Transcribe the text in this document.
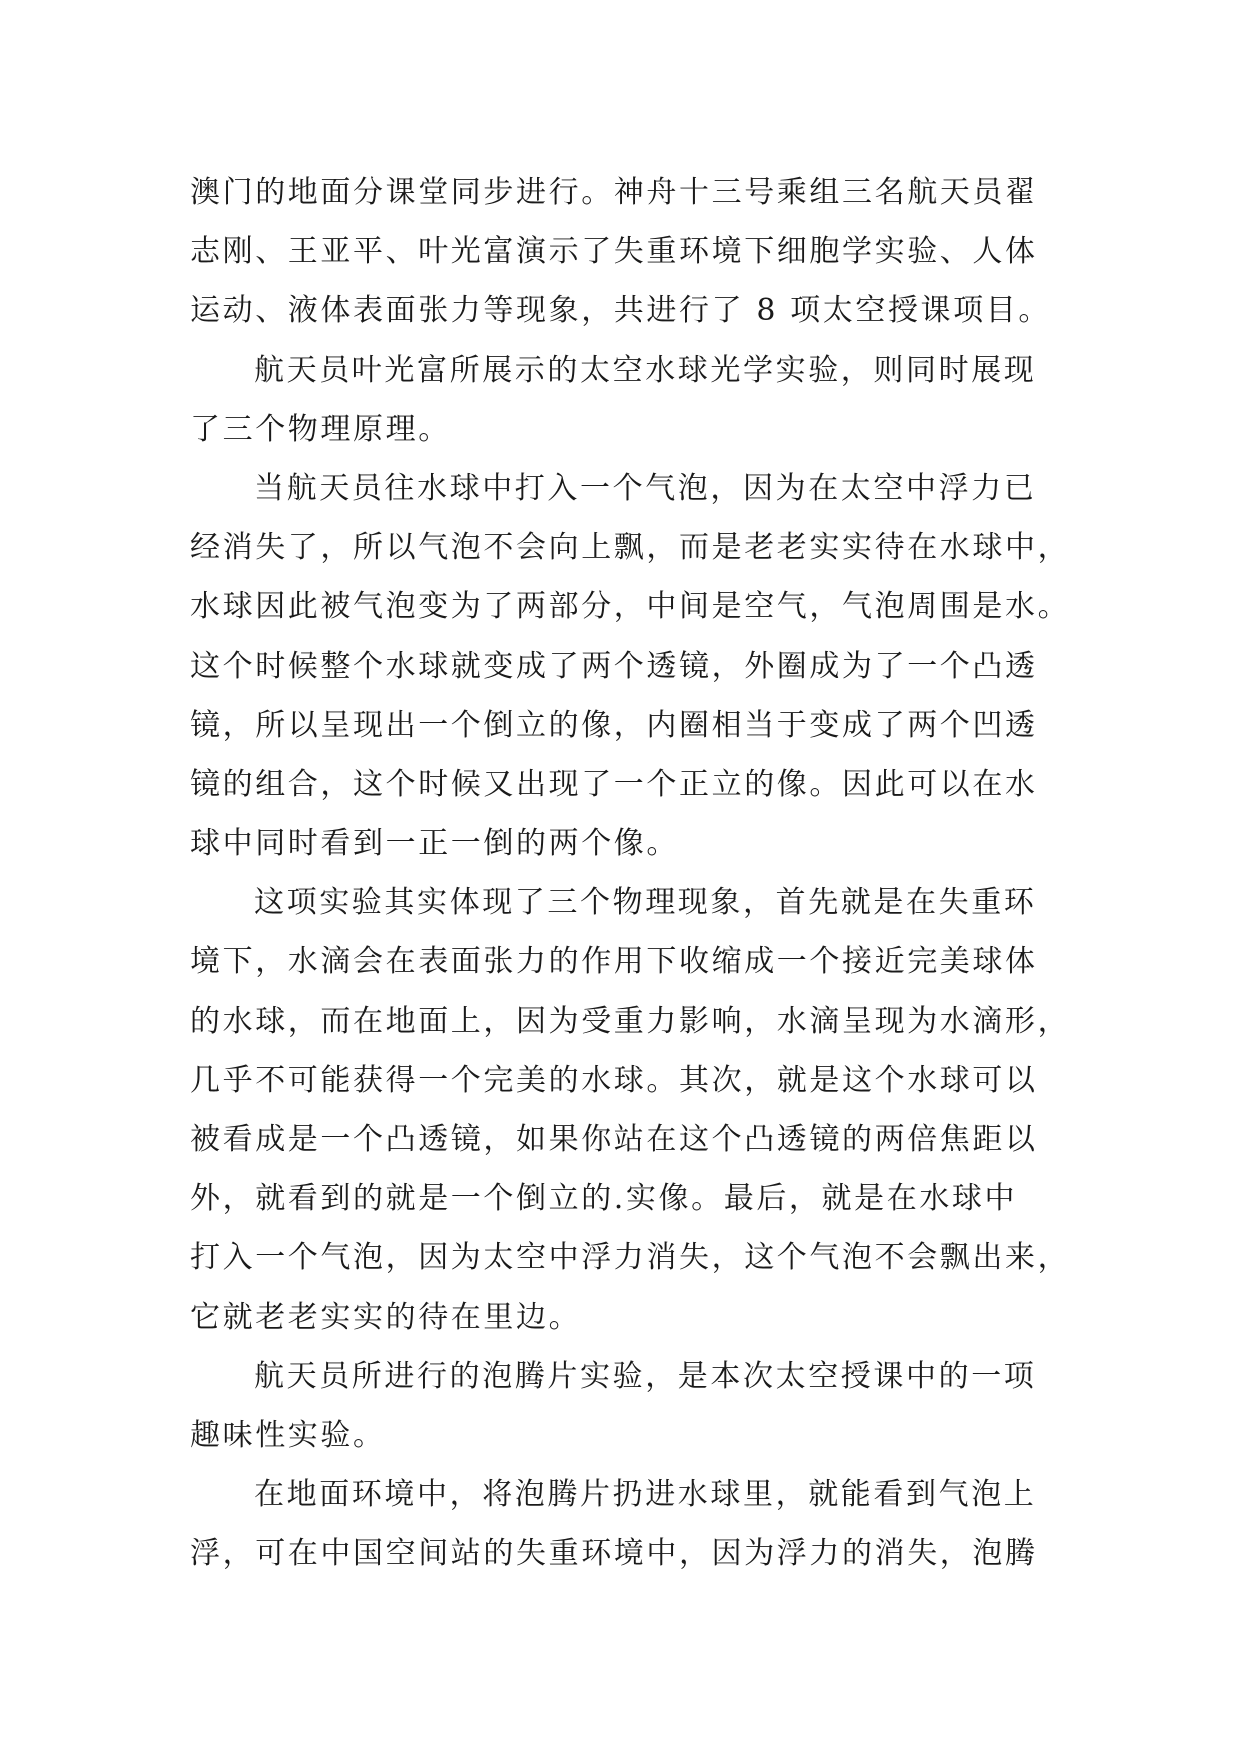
澳门的地面分课堂同步进行。神舟十三号乘组三名航天员翟
志刚、王亚平、叶光富演示了失重环境下细胞学实验、人体
运动、液体表面张力等现象，共进行了 8 项太空授课项目。
航天员叶光富所展示的太空水球光学实验，则同时展现
了三个物理原理。
当航天员往水球中打入一个气泡，因为在太空中浮力已
经消失了，所以气泡不会向上飘，而是老老实实待在水球中，
水球因此被气泡变为了两部分，中间是空气，气泡周围是水。
这个时候整个水球就变成了两个透镜，外圈成为了一个凸透
镜，所以呈现出一个倒立的像，内圈相当于变成了两个凹透
镜的组合，这个时候又出现了一个正立的像。因此可以在水
球中同时看到一正一倒的两个像。
这项实验其实体现了三个物理现象，首先就是在失重环
境下，水滴会在表面张力的作用下收缩成一个接近完美球体
的水球，而在地面上，因为受重力影响，水滴呈现为水滴形，
几乎不可能获得一个完美的水球。其次，就是这个水球可以
被看成是一个凸透镜，如果你站在这个凸透镜的两倍焦距以
外，就看到的就是一个倒立的.实像。最后，就是在水球中
打入一个气泡，因为太空中浮力消失，这个气泡不会飘出来，
它就老老实实的待在里边。
航天员所进行的泡腾片实验，是本次太空授课中的一项
趣味性实验。
在地面环境中，将泡腾片扔进水球里，就能看到气泡上
浮，可在中国空间站的失重环境中，因为浮力的消失，泡腾
